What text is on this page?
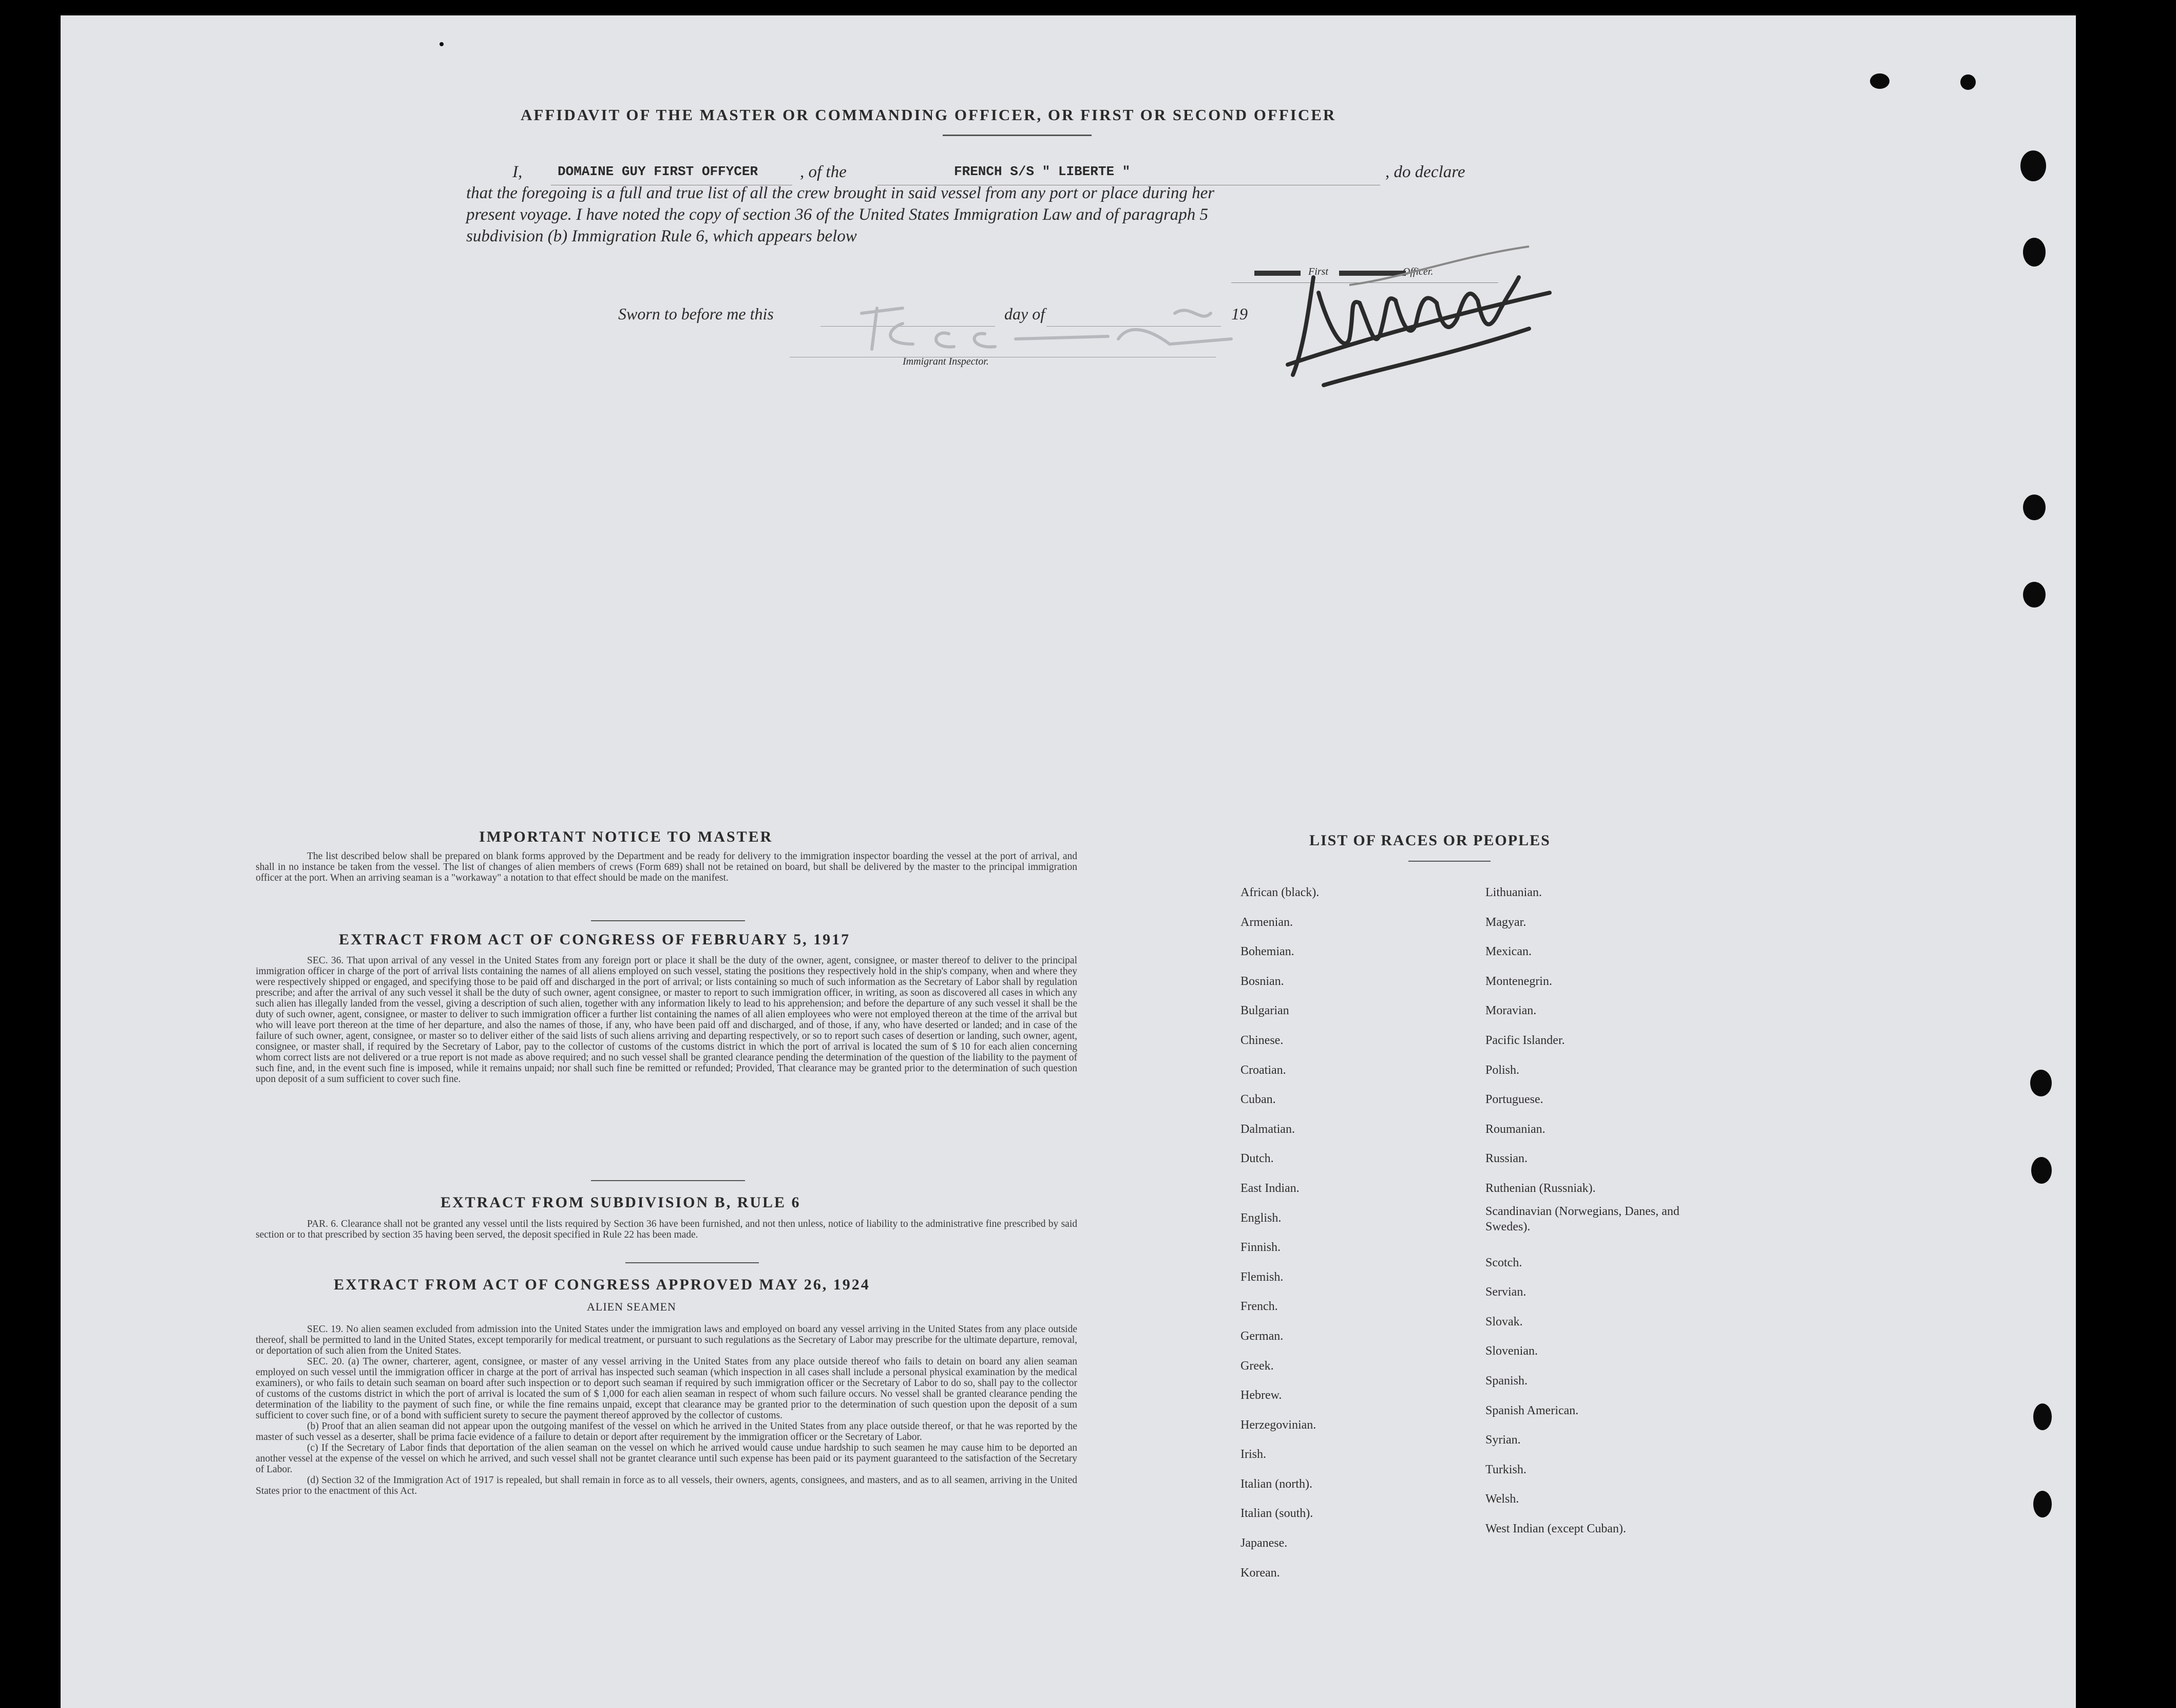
AFFIDAVIT OF THE MASTER OR COMMANDING OFFICER, OR FIRST OR SECOND OFFICER
I,	DOMAINE GUY FIRST OFFYCER , of the	FRENCH S/S " LIBERTE "	, do declare
that the foregoing is a full and true list of all the crew brought in said vessel from any port or place during her
present voyage. I have noted the copy of section 36 of the United States Immigration Law and of paragraph 5
subdivision (b) Immigration Rule 6, which appears below

First Officer.
Sworn to before me this	day of	19
Immigrant Inspector.
IMPORTANT NOTICE TO MASTER

The list described below shall be prepared on blank forms approved by the Department and be ready for delivery to the immigration inspector boarding the vessel at the port of arrival, and shall in no instance be taken from the vessel. The list of changes of alien members of crews (Form 689) shall not be retained on board, but shall be delivered by the master to the principal immigration officer at the port. When an arriving seaman is a "workaway" a notation to that effect should be made on the manifest.

EXTRACT FROM ACT OF CONGRESS OF FEBRUARY 5, 1917

SEC. 36. That upon arrival of any vessel in the United States from any foreign port or place it shall be the duty of the owner, agent, consignee, or master thereof to deliver to the principal immigration officer in charge of the port of arrival lists containing the names of all aliens employed on such vessel, stating the positions they respectively hold in the ship's company, when and where they were respectively shipped or engaged, and specifying those to be paid off and discharged in the port of arrival; or lists containing so much of such information as the Secretary of Labor shall by regulation prescribe; and after the arrival of any such vessel it shall be the duty of such owner, agent consignee, or master to report to such immigration officer, in writing, as soon as discovered all cases in which any such alien has illegally landed from the vessel, giving a description of such alien, together with any information likely to lead to his apprehension; and before the departure of any such vessel it shall be the duty of such owner, agent, consignee, or master to deliver to such immigration officer a further list containing the names of all alien employees who were not employed thereon at the time of the arrival but who will leave port thereon at the time of her departure, and also the names of those, if any, who have been paid off and discharged, and of those, if any, who have deserted or landed; and in case of the failure of such owner, agent, consignee, or master so to deliver either of the said lists of such aliens arriving and departing respectively, or so to report such cases of desertion or landing, such owner, agent, consignee, or master shall, if required by the Secretary of Labor, pay to the collector of customs of the customs district in which the port of arrival is located the sum of $ 10 for each alien concerning whom correct lists are not delivered or a true report is not made as above required; and no such vessel shall be granted clearance pending the determination of the question of the liability to the payment of such fine, and, in the event such fine is imposed, while it remains unpaid; nor shall such fine be remitted or refunded; Provided, That clearance may be granted prior to the determination of such question upon deposit of a sum sufficient to cover such fine.

EXTRACT FROM SUBDIVISION B, RULE 6

PAR. 6. Clearance shall not be granted any vessel until the lists required by Section 36 have been furnished, and not then unless, notice of liability to the administrative fine prescribed by said section or to that prescribed by section 35 having been served, the deposit specified in Rule 22 has been made.

EXTRACT FROM ACT OF CONGRESS APPROVED MAY 26, 1924
ALIEN SEAMEN

SEC. 19. No alien seamen excluded from admission into the United States under the immigration laws and employed on board any vessel arriving in the United States from any place outside thereof, shall be permitted to land in the United States, except temporarily for medical treatment, or pursuant to such regulations as the Secretary of Labor may prescribe for the ultimate departure, removal, or deportation of such alien from the United States.

SEC. 20. (a) The owner, charterer, agent, consignee, or master of any vessel arriving in the United States from any place outside thereof who fails to detain on board any alien seaman employed on such vessel until the immigration officer in charge at the port of arrival has inspected such seaman (which inspection in all cases shall include a personal physical examination by the medical examiners), or who fails to detain such seaman on board after such inspection or to deport such seaman if required by such immigration officer or the Secretary of Labor to do so, shall pay to the collector of customs of the customs district in which the port of arrival is located the sum of $ 1,000 for each alien seaman in respect of whom such failure occurs. No vessel shall be granted clearance pending the determination of the liability to the payment of such fine, or while the fine remains unpaid, except that clearance may be granted prior to the determination of such question upon the deposit of a sum sufficient to cover such fine, or of a bond with sufficient surety to secure the payment thereof approved by the collector of customs.

(b) Proof that an alien seaman did not appear upon the outgoing manifest of the vessel on which he arrived in the United States from any place outside thereof, or that he was reported by the master of such vessel as a deserter, shall be prima facie evidence of a failure to detain or deport after requirement by the immigration officer or the Secretary of Labor.

(c) If the Secretary of Labor finds that deportation of the alien seaman on the vessel on which he arrived would cause undue hardship to such seamen he may cause him to be deported an another vessel at the expense of the vessel on which he arrived, and such vessel shall not be grantet clearance until such expense has been paid or its payment guaranteed to the satisfaction of the Secretary of Labor.

(d) Section 32 of the Immigration Act of 1917 is repealed, but shall remain in force as to all vessels, their owners, agents, consignees, and masters, and as to all seamen, arriving in the United States prior to the enactment of this Act.

LIST OF RACES OR PEOPLES
African (black).
Armenian.
Bohemian.
Bosnian.
Bulgarian
Chinese.
Croatian.
Cuban.
Dalmatian.
Dutch.
East Indian.
English.
Finnish.
Flemish.
French.
German.
Greek.
Hebrew.
Herzegovinian.
Irish.
Italian (north).
Italian (south).
Japanese.
Korean.
Lithuanian.
Magyar.
Mexican.
Montenegrin.
Moravian.
Pacific Islander.
Polish.
Portuguese.
Roumanian.
Russian.
Ruthenian (Russniak).
Scandinavian (Norwegians, Danes, and Swedes).
Scotch.
Servian.
Slovak.
Slovenian.
Spanish.
Spanish American.
Syrian.
Turkish.
Welsh.
West Indian (except Cuban).
